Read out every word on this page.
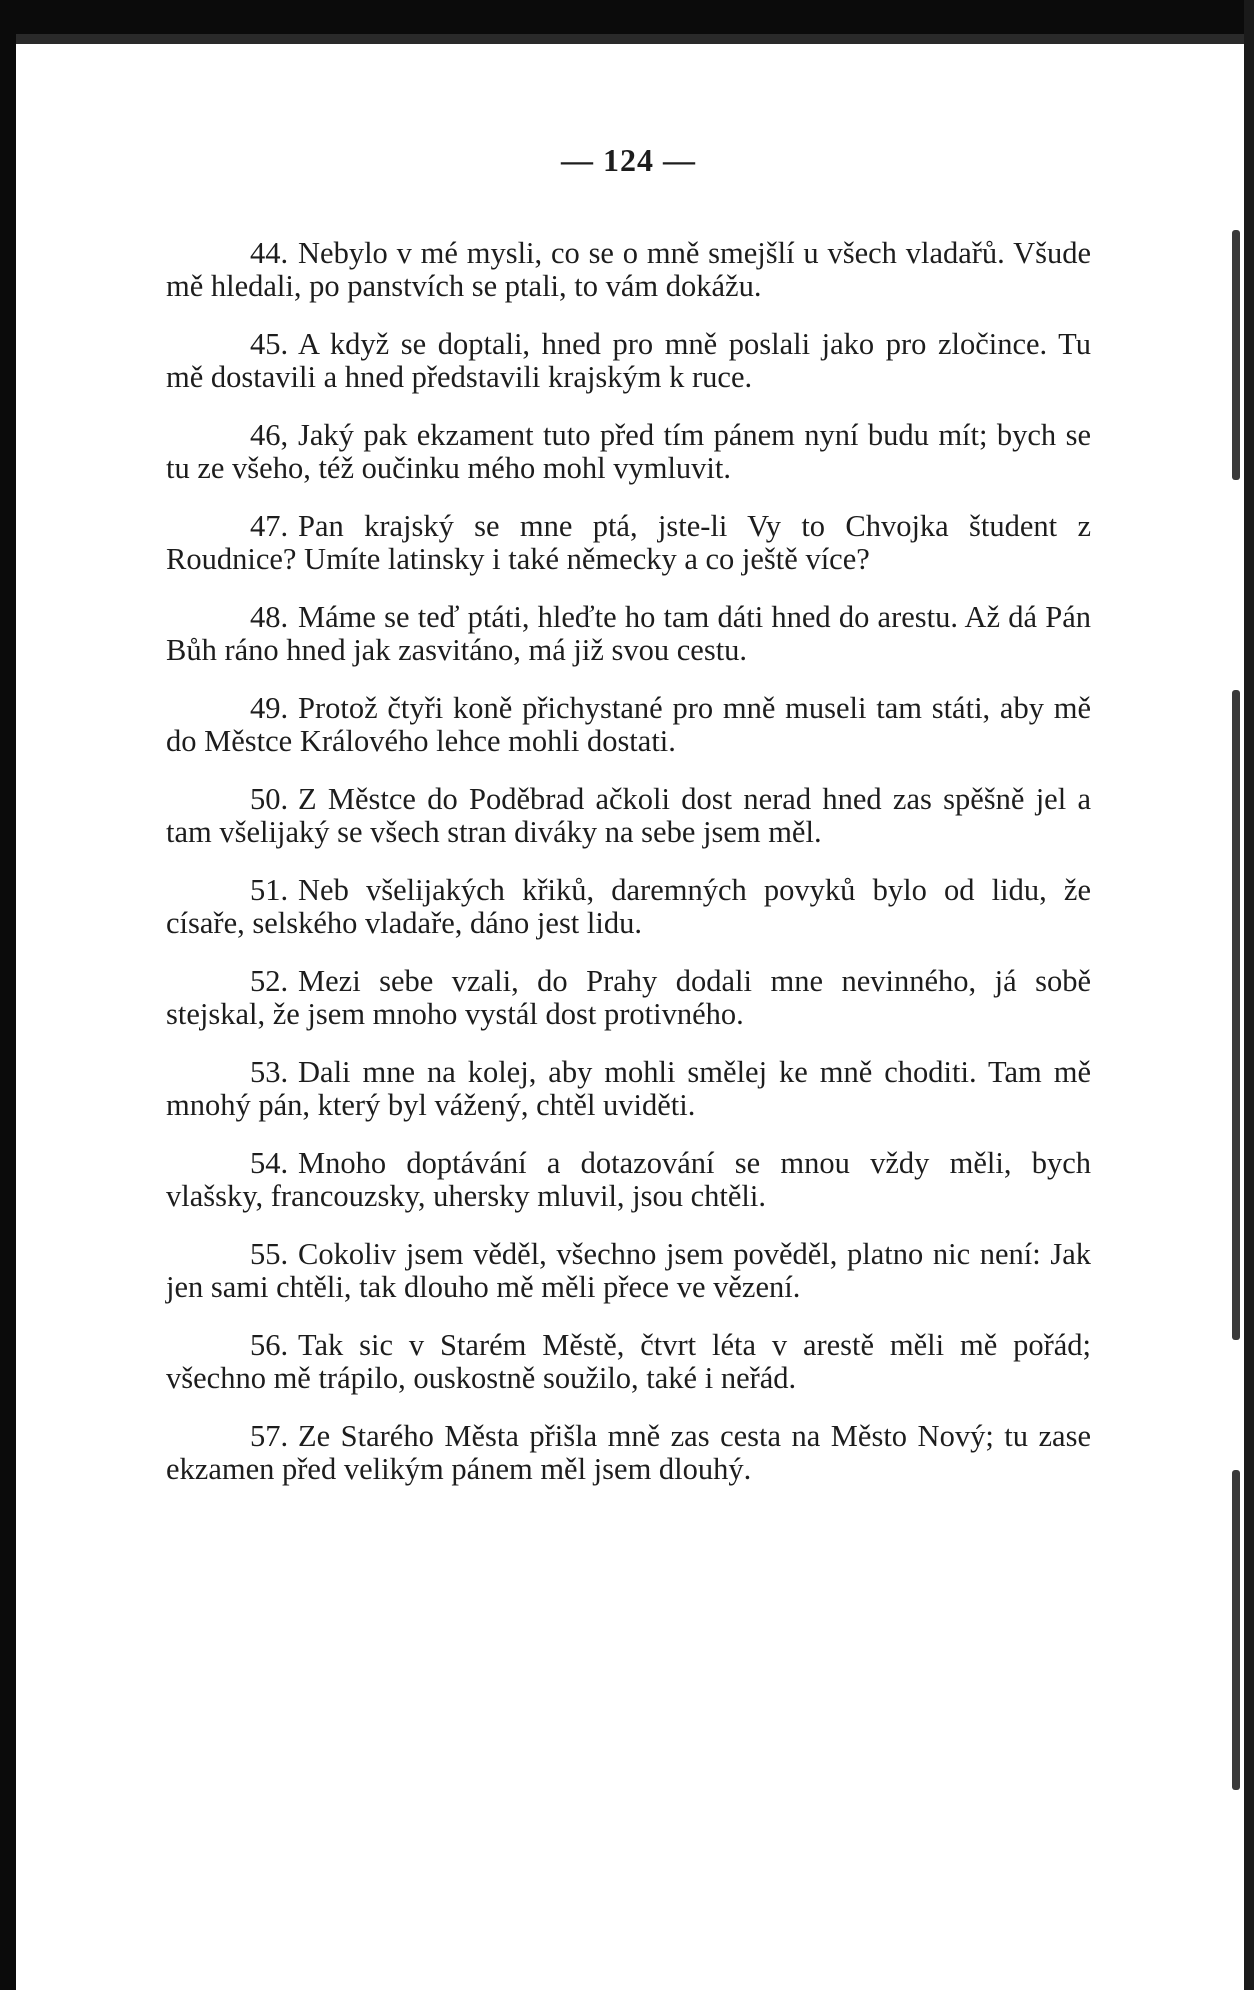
— 124 —

44. Nebylo v mé mysli, co se o mně smejšlí u všech vladařů. Všude mě hledali, po panstvích se ptali, to vám dokážu.

45. A když se doptali, hned pro mně poslali jako pro zločince. Tu mě dostavili a hned představili krajským k ruce.

46, Jaký pak ekzament tuto před tím pánem nyní budu mít; bych se tu ze všeho, též oučinku mého mohl vymluvit.

47. Pan krajský se mne ptá, jste-li Vy to Chvojka študent z Roudnice? Umíte latinsky i také německy a co ještě více?

48. Máme se teď ptáti, hleďte ho tam dáti hned do arestu. Až dá Pán Bůh ráno hned jak zasvitáno, má již svou cestu.

49. Protož čtyři koně přichystané pro mně museli tam státi, aby mě do Městce Králového lehce mohli dostati.

50. Z Městce do Poděbrad ačkoli dost nerad hned zas spěšně jel a tam všelijaký se všech stran diváky na sebe jsem měl.

51. Neb všelijakých křiků, daremných povyků bylo od lidu, že císaře, selského vladaře, dáno jest lidu.

52. Mezi sebe vzali, do Prahy dodali mne nevinného, já sobě stejskal, že jsem mnoho vystál dost protivného.

53. Dali mne na kolej, aby mohli smělej ke mně choditi. Tam mě mnohý pán, který byl vážený, chtěl uviděti.

54. Mnoho doptávání a dotazování se mnou vždy měli, bych vlašsky, francouzsky, uhersky mluvil, jsou chtěli.

55. Cokoliv jsem věděl, všechno jsem pověděl, platno nic není: Jak jen sami chtěli, tak dlouho mě měli přece ve vězení.

56. Tak sic v Starém Městě, čtvrt léta v arestě měli mě pořád; všechno mě trápilo, ouskostně soužilo, také i neřád.

57. Ze Starého Města přišla mně zas cesta na Město Nový; tu zase ekzamen před velikým pánem měl jsem dlouhý.
